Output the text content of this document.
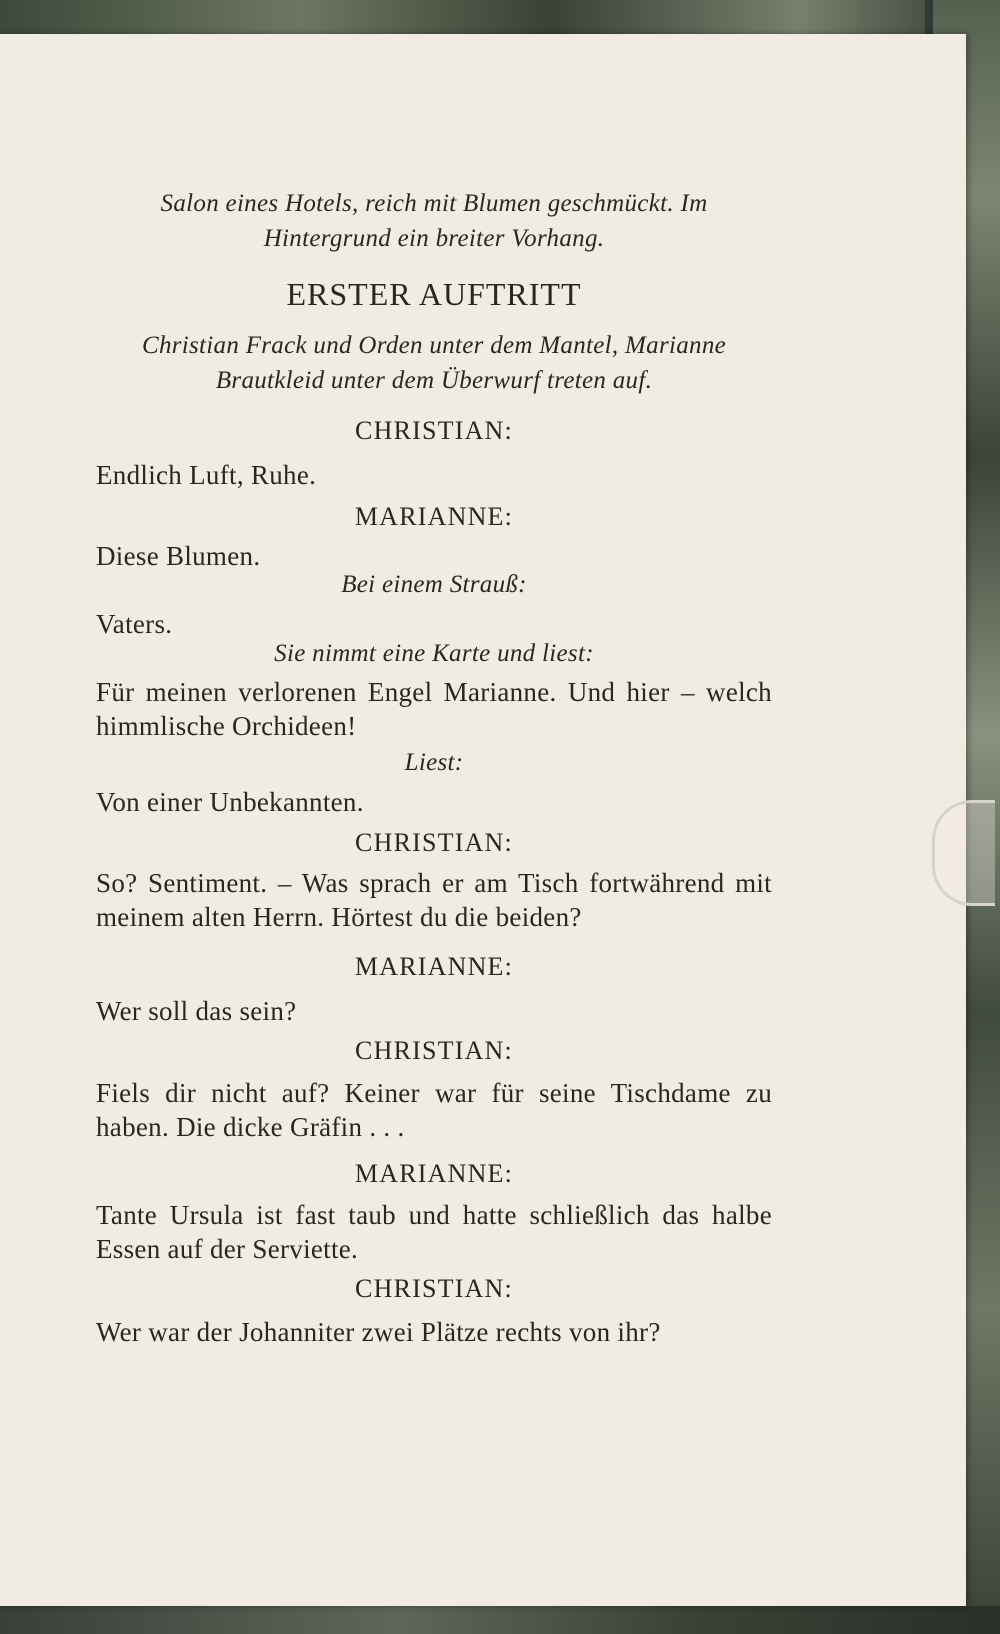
Salon eines Hotels, reich mit Blumen geschmückt. Im Hintergrund ein breiter Vorhang.
ERSTER AUFTRITT
Christian Frack und Orden unter dem Mantel, Marianne Brautkleid unter dem Überwurf treten auf.
CHRISTIAN:
Endlich Luft, Ruhe.
MARIANNE:
Diese Blumen.
Bei einem Strauß:
Vaters.
Sie nimmt eine Karte und liest:
Für meinen verlorenen Engel Marianne. Und hier – welch himmlische Orchideen!
Liest:
Von einer Unbekannten.
CHRISTIAN:
So? Sentiment. – Was sprach er am Tisch fortwährend mit meinem alten Herrn. Hörtest du die beiden?
MARIANNE:
Wer soll das sein?
CHRISTIAN:
Fiels dir nicht auf? Keiner war für seine Tischdame zu haben. Die dicke Gräfin . . .
MARIANNE:
Tante Ursula ist fast taub und hatte schließlich das halbe Essen auf der Serviette.
CHRISTIAN:
Wer war der Johanniter zwei Plätze rechts von ihr?
